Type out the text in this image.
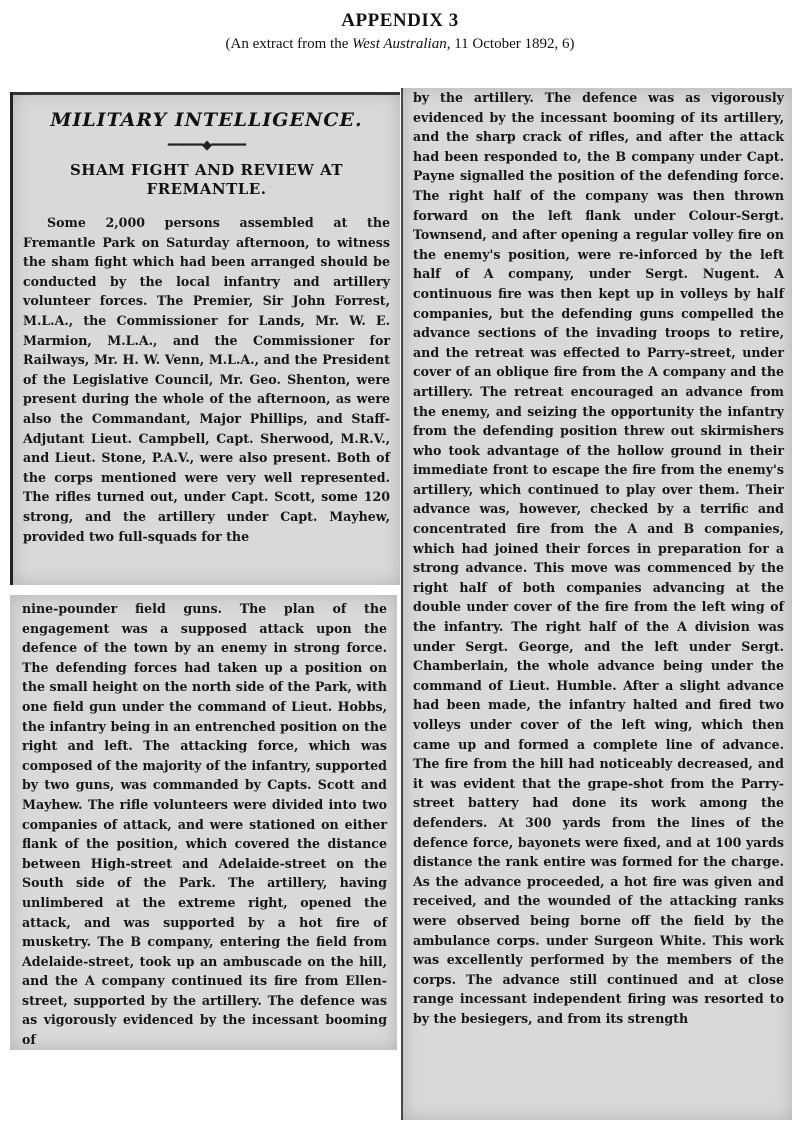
APPENDIX 3
(An extract from the West Australian, 11 October 1892, 6)
MILITARY INTELLIGENCE.
━━━━━◆━━━━━
SHAM FIGHT AND REVIEW AT
FREMANTLE.

Some 2,000 persons assembled at the Fremantle Park on Saturday afternoon, to witness the sham fight which had been arranged should be conducted by the local infantry and artillery volunteer forces. The Premier, Sir John Forrest, M.L.A., the Commissioner for Lands, Mr. W. E. Marmion, M.L.A., and the Commissioner for Railways, Mr. H. W. Venn, M.L.A., and the President of the Legislative Council, Mr. Geo. Shenton, were present during the whole of the afternoon, as were also the Commandant, Major Phillips, and Staff-Adjutant Lieut. Campbell, Capt. Sherwood, M.R.V., and Lieut. Stone, P.A.V., were also present. Both of the corps mentioned were very well represented. The rifles turned out, under Capt. Scott, some 120 strong, and the artillery under Capt. Mayhew, provided two full-squads for the

nine-pounder field guns. The plan of the engagement was a supposed attack upon the defence of the town by an enemy in strong force. The defending forces had taken up a position on the small height on the north side of the Park, with one field gun under the command of Lieut. Hobbs, the infantry being in an entrenched position on the right and left. The attacking force, which was composed of the majority of the infantry, supported by two guns, was commanded by Capts. Scott and Mayhew. The rifle volunteers were divided into two companies of attack, and were stationed on either flank of the position, which covered the distance between High-street and Adelaide-street on the South side of the Park. The artillery, having unlimbered at the extreme right, opened the attack, and was supported by a hot fire of musketry. The B company, entering the field from Adelaide-street, took up an ambuscade on the hill, and the A company continued its fire from Ellen-street, supported by the artillery. The defence was as vigorously evidenced by the incessant booming of

by the artillery. The defence was as vigorously evidenced by the incessant booming of its artillery, and the sharp crack of rifles, and after the attack had been responded to, the B company under Capt. Payne signalled the position of the defending force. The right half of the company was then thrown forward on the left flank under Colour-Sergt. Townsend, and after opening a regular volley fire on the enemy's position, were re-inforced by the left half of A company, under Sergt. Nugent. A continuous fire was then kept up in volleys by half companies, but the defending guns compelled the advance sections of the invading troops to retire, and the retreat was effected to Parry-street, under cover of an oblique fire from the A company and the artillery. The retreat encouraged an advance from the enemy, and seizing the opportunity the infantry from the defending position threw out skirmishers who took advantage of the hollow ground in their immediate front to escape the fire from the enemy's artillery, which continued to play over them. Their advance was, however, checked by a terrific and concentrated fire from the A and B companies, which had joined their forces in preparation for a strong advance. This move was commenced by the right half of both companies advancing at the double under cover of the fire from the left wing of the infantry. The right half of the A division was under Sergt. George, and the left under Sergt. Chamberlain, the whole advance being under the command of Lieut. Humble. After a slight advance had been made, the infantry halted and fired two volleys under cover of the left wing, which then came up and formed a complete line of advance. The fire from the hill had noticeably decreased, and it was evident that the grape-shot from the Parry-street battery had done its work among the defenders. At 300 yards from the lines of the defence force, bayonets were fixed, and at 100 yards distance the rank entire was formed for the charge. As the advance proceeded, a hot fire was given and received, and the wounded of the attacking ranks were observed being borne off the field by the ambulance corps. under Surgeon White. This work was excellently performed by the members of the corps. The advance still continued and at close range incessant independent firing was resorted to by the besiegers, and from its strength
